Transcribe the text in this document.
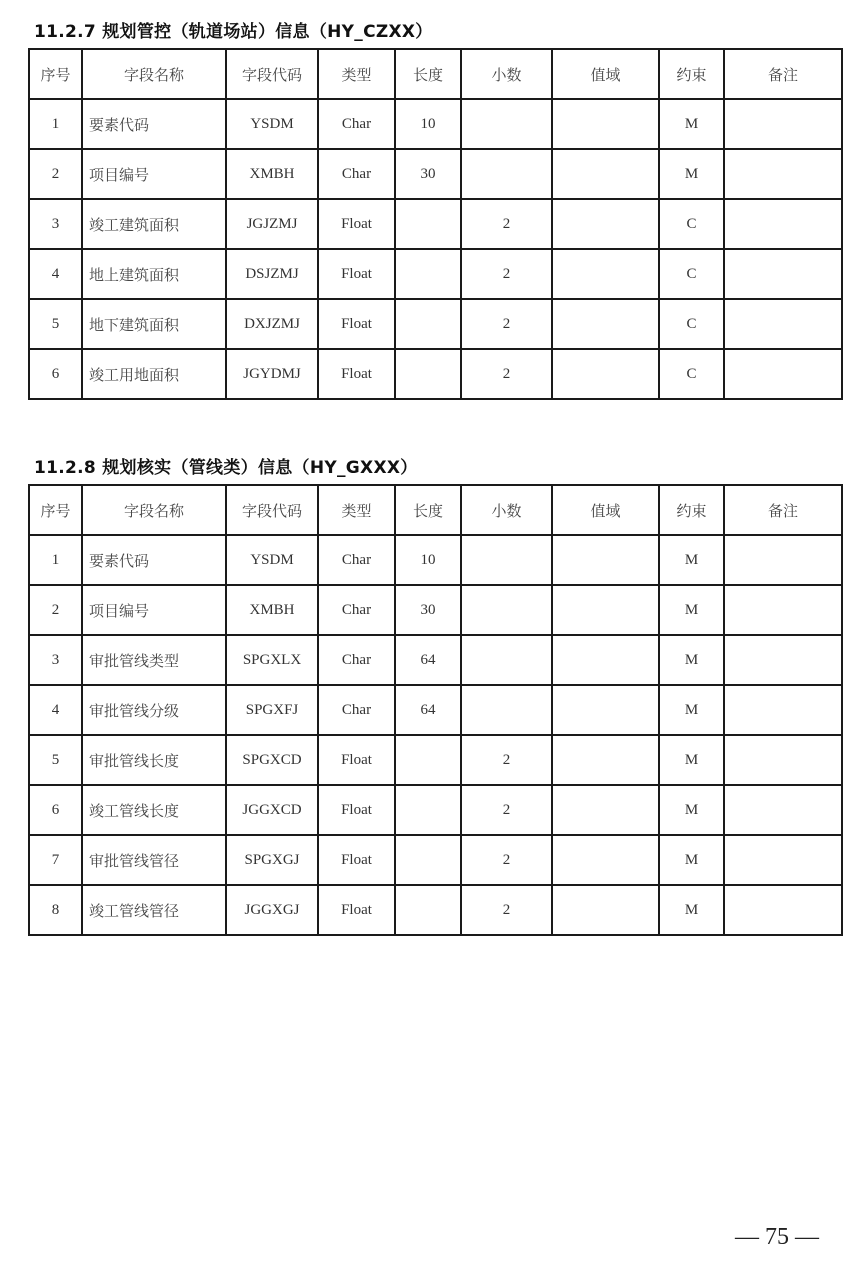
11.2.7 规划管控（轨道场站）信息（HY_CZXX）
序号	字段名称	字段代码	类型	长度	小数	值域	约束	备注
1	要素代码	YSDM	Char	10			M	
2	项目编号	XMBH	Char	30			M	
3	竣工建筑面积	JGJZMJ	Float		2		C	
4	地上建筑面积	DSJZMJ	Float		2		C	
5	地下建筑面积	DXJZMJ	Float		2		C	
6	竣工用地面积	JGYDMJ	Float		2		C	
11.2.8 规划核实（管线类）信息（HY_GXXX）
序号	字段名称	字段代码	类型	长度	小数	值域	约束	备注
1	要素代码	YSDM	Char	10			M	
2	项目编号	XMBH	Char	30			M	
3	审批管线类型	SPGXLX	Char	64			M	
4	审批管线分级	SPGXFJ	Char	64			M	
5	审批管线长度	SPGXCD	Float		2		M	
6	竣工管线长度	JGGXCD	Float		2		M	
7	审批管线管径	SPGXGJ	Float		2		M	
8	竣工管线管径	JGGXGJ	Float		2		M	
— 75 —
